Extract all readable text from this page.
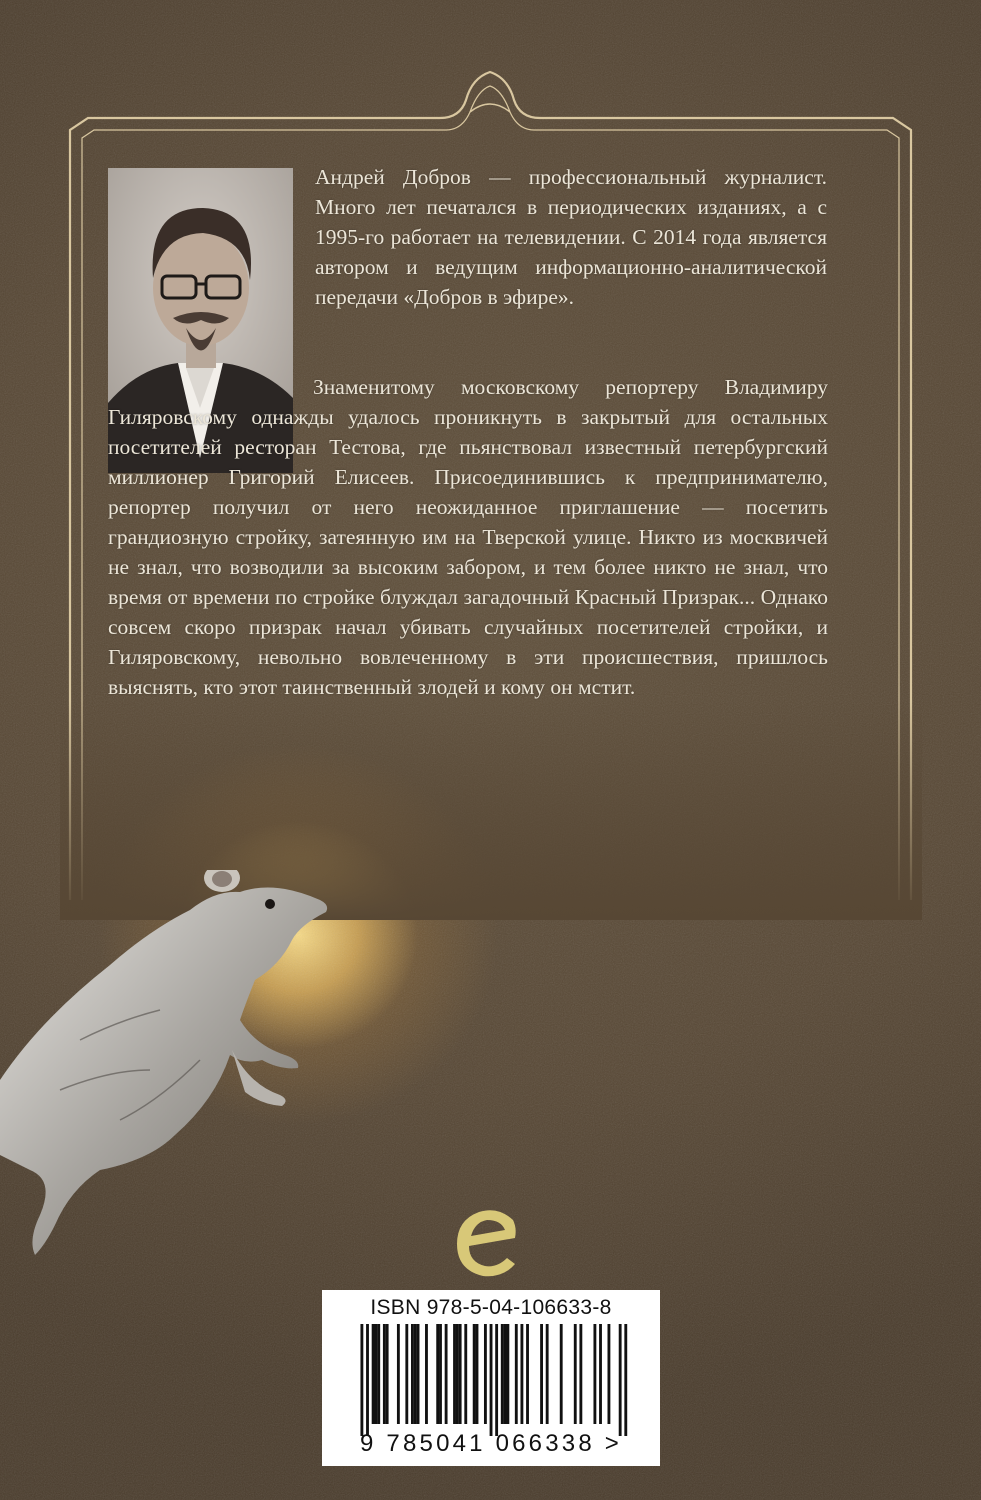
Андрей Добров — профессиональный журналист. Много лет печатался в периодических изданиях, а с 1995-го работает на телевидении. С 2014 года является автором и ведущим информационно-аналитической передачи «Добров в эфире».

Знаменитому московскому репортеру Владимиру Гиляровскому однажды удалось проникнуть в закрытый для остальных посетителей ресторан Тестова, где пьянствовал известный петербургский миллионер Григорий Елисеев. Присоединившись к предпринимателю, репортер получил от него неожиданное приглашение — посетить грандиозную стройку, затеянную им на Тверской улице. Никто из москвичей не знал, что возводили за высоким забором, и тем более никто не знал, что время от времени по стройке блуждал загадочный Красный Призрак... Однако совсем скоро призрак начал убивать случайных посетителей стройки, и Гиляровскому, невольно вовлеченному в эти происшествия, пришлось выяснять, кто этот таинственный злодей и кому он мстит.

ISBN 978-5-04-106633-8
9 785041 066338 >
